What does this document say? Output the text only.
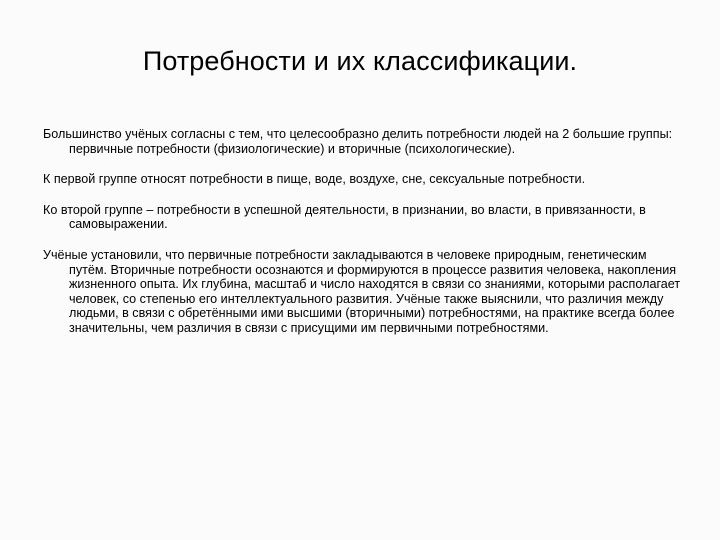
Потребности и их классификации.

Большинство учёных согласны с тем, что целесообразно делить потребности людей на 2 большие группы: первичные потребности (физиологические) и вторичные (психологические).

К первой группе относят потребности в пище, воде, воздухе, сне, сексуальные потребности.

Ко второй группе – потребности в успешной деятельности, в признании, во власти, в привязанности, в самовыражении.

Учёные установили, что первичные потребности закладываются в человеке природным, генетическим путём. Вторичные потребности осознаются и формируются в процессе развития человека, накопления жизненного опыта. Их глубина, масштаб и число находятся в связи со знаниями, которыми располагает человек, со степенью его интеллектуального развития. Учёные также выяснили, что различия между людьми, в связи с обретёнными ими высшими (вторичными) потребностями, на практике всегда более значительны, чем различия в связи с присущими им первичными потребностями.
